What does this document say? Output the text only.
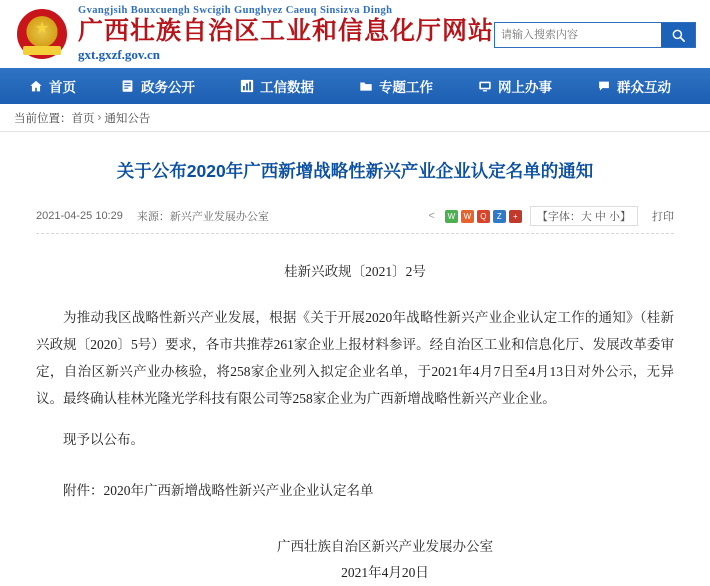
★
Gvangjsih Bouxcuengh Swcigih Gunghyez Caeuq Sinsizva Dingh
广西壮族自治区工业和信息化厅网站
gxt.gxzf.gov.cn
请输入搜索内容
首页	政务公开	工信数据	专题工作	网上办事	群众互动
当前位置： 首页 › 通知公告
关于公布2020年广西新增战略性新兴产业企业认定名单的通知
2021-04-25 10:29 来源：新兴产业发展办公室	<	W	W	Q	Z	+	【字体：大 中 小】	打印
桂新兴政规〔2021〕2号

为推动我区战略性新兴产业发展，根据《关于开展2020年战略性新兴产业企业认定工作的通知》（桂新兴政规〔2020〕5号）要求，各市共推荐261家企业上报材料参评。经自治区工业和信息化厅、发展改革委审定，自治区新兴产业办核验，将258家企业列入拟定企业名单，于2021年4月7日至4月13日对外公示，无异议。最终确认桂林光隆光学科技有限公司等258家企业为广西新增战略性新兴产业企业。

现予以公布。

附件：2020年广西新增战略性新兴产业企业认定名单
广西壮族自治区新兴产业发展办公室
2021年4月20日
